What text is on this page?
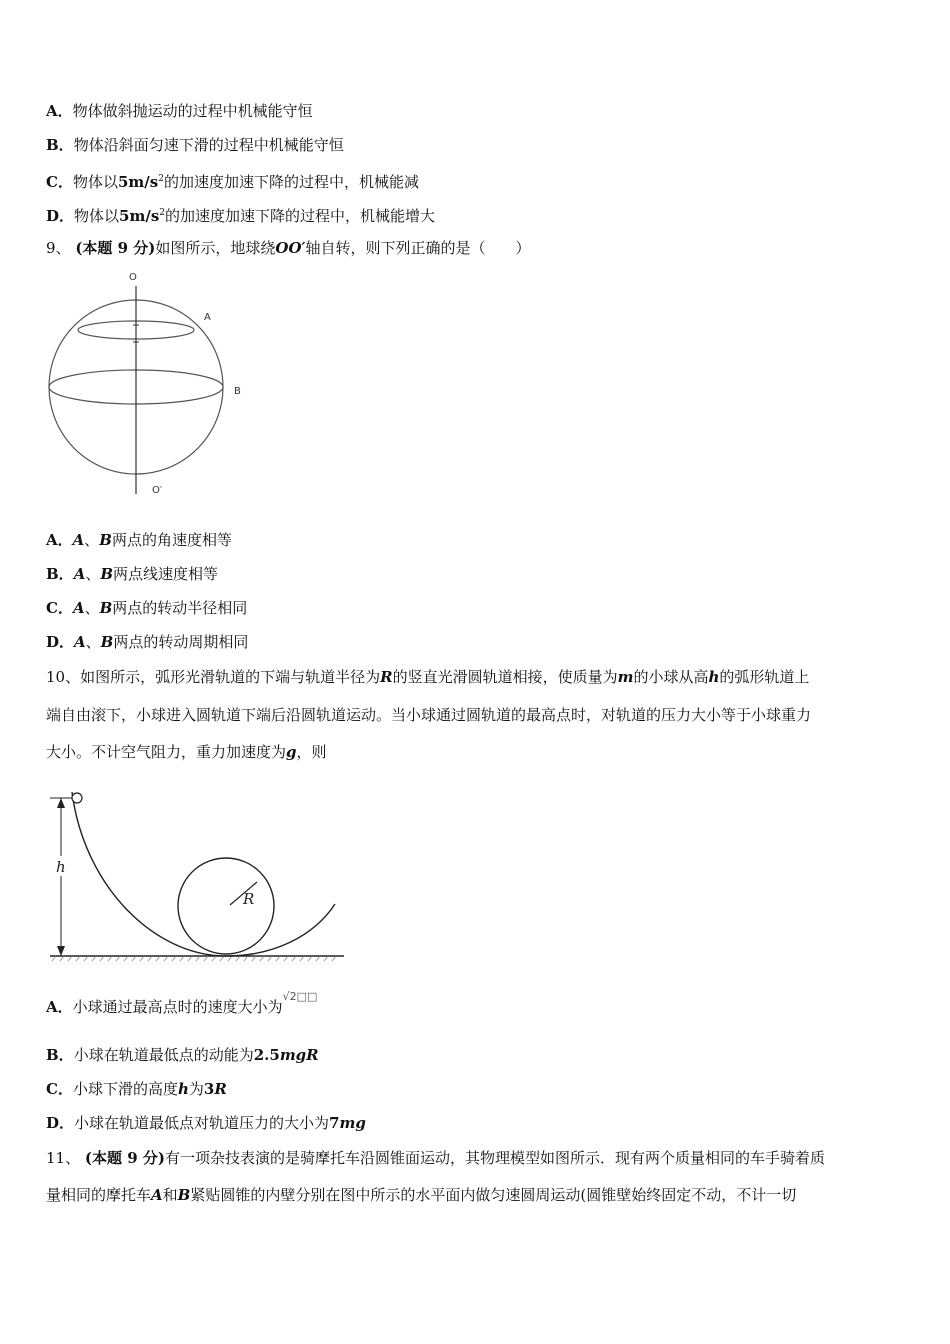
A．物体做斜抛运动的过程中机械能守恒
B．物体沿斜面匀速下滑的过程中机械能守恒
C．物体以$5m/s^2$的加速度加速下降的过程中，机械能减
D．物体以$5m/s^2$的加速度加速下降的过程中，机械能增大
9、 (本题 9 分)如图所示，地球绕OO′轴自转，则下列正确的是（　　）
O
O′
A
B
A．A、B两点的角速度相等
B．A、B两点线速度相等
C．A、B两点的转动半径相同
D．A、B两点的转动周期相同
10、如图所示，弧形光滑轨道的下端与轨道半径为R的竖直光滑圆轨道相接，使质量为m的小球从高h的弧形轨道上
端自由滚下，小球进入圆轨道下端后沿圆轨道运动。当小球通过圆轨道的最高点时，对轨道的压力大小等于小球重力
大小。不计空气阻力，重力加速度为g，则
R
h
A．小球通过最高点时的速度大小为√2□□
B．小球在轨道最低点的动能为2.5mgR
C．小球下滑的高度h为3R
D．小球在轨道最低点对轨道压力的大小为7mg
11、 (本题 9 分)有一项杂技表演的是骑摩托车沿圆锥面运动，其物理模型如图所示．现有两个质量相同的车手骑着质
量相同的摩托车A和B紧贴圆锥的内壁分别在图中所示的水平面内做匀速圆周运动(圆锥壁始终固定不动，不计一切
